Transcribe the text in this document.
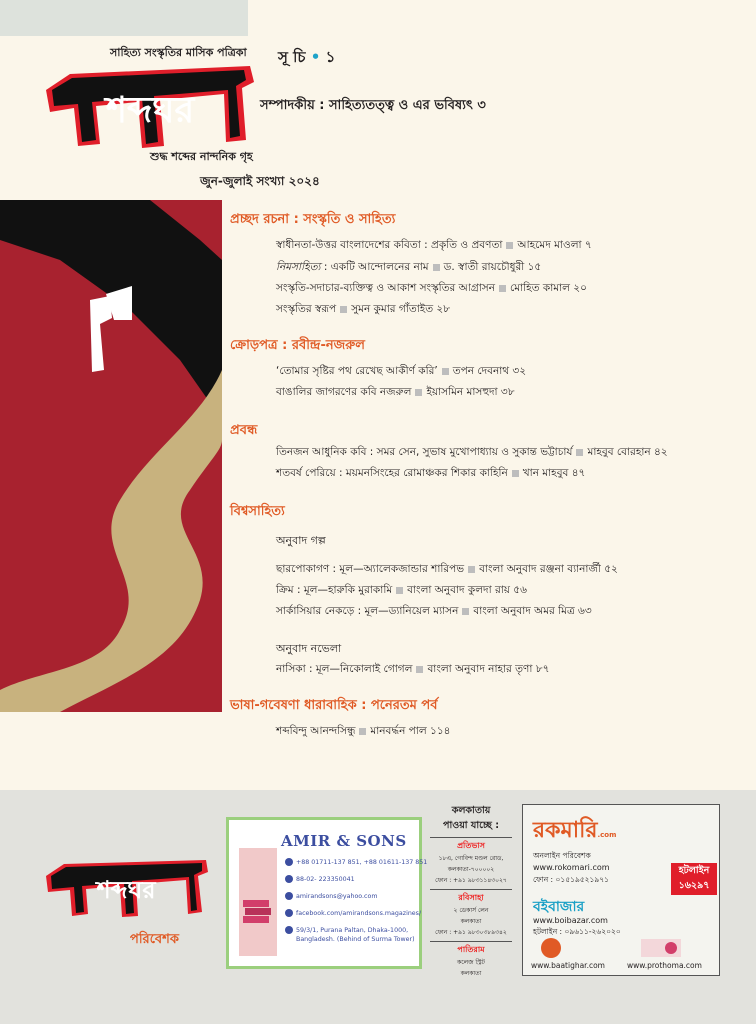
সাহিত্য সংস্কৃতির মাসিক পত্রিকা
শব্দঘর
শুদ্ধ শব্দের নান্দনিক গৃহ
জুন-জুলাই সংখ্যা ২০২৪
সূ চি • ১
সম্পাদকীয় : সাহিত্যতত্ত্ব ও এর ভবিষ্যৎ ৩
প্রচ্ছদ রচনা : সংস্কৃতি ও সাহিত্য
স্বাধীনতা-উত্তর বাংলাদেশের কবিতা : প্রকৃতি ও প্রবণতা আহমেদ মাওলা ৭
নিমসাহিত্য : একটি আন্দোলনের নাম ড. স্বাতী রায়চৌধুরী ১৫
সংস্কৃতি-সদাচার-ব্যক্তিত্ব ও আকাশ সংস্কৃতির আগ্রাসন মোহিত কামাল ২০
সংস্কৃতির স্বরূপ সুমন কুমার গাঁতাইত ২৮
ক্রোড়পত্র : রবীন্দ্র-নজরুল
‘তোমার সৃষ্টির পথ রেখেছ আকীর্ণ করি’ তপন দেবনাথ ৩২
বাঙালির জাগরণের কবি নজরুল ইয়াসমিন মাসহুদা ৩৮
প্রবন্ধ
তিনজন আধুনিক কবি : সমর সেন, সুভাষ মুখোপাধ্যায় ও সুকান্ত ভট্টাচার্য মাহবুব বোরহান ৪২
শতবর্ষ পেরিয়ে : ময়মনসিংহের রোমাঞ্চকর শিকার কাহিনি খান মাহবুব ৪৭
বিশ্বসাহিত্য
অনুবাদ গল্প
ছারপোকাগণ : মূল—অ্যালেকজান্ডার শারিপভ বাংলা অনুবাদ রঞ্জনা ব্যানার্জী ৫২
ক্রিম : মূল—হারুকি মুরাকামি বাংলা অনুবাদ কুলদা রায় ৫৬
সার্কাসিয়ার নেকড়ে : মূল—ড্যানিয়েল ম্যাসন বাংলা অনুবাদ অমর মিত্র ৬৩
অনুবাদ নভেলা
নাসিকা : মূল—নিকোলাই গোগল বাংলা অনুবাদ নাহার তৃণা ৮৭
ভাষা-গবেষণা ধারাবাহিক : পনেরতম পর্ব
শব্দবিন্দু আনন্দসিন্ধু মানবর্দ্ধন পাল ১১৪
শব্দঘর
পরিবেশক
AMIR & SONS
+88 01711-137 851, +88 01611-137 851
88-02- 223350041
amirandsons@yahoo.com
facebook.com/amirandsons.magazines/
59/3/1, Purana Paltan, Dhaka-1000,
Bangladesh. (Behind of Surma Tower)
কলকাতায়
পাওয়া যাচ্ছে :
প্রতিভাস
১৮এ, গোবিন্দ মণ্ডল রোড,
কলকাতা-৭০০০০২
ফোন : +৯১ ৯৮৩১১৪৩০২৭
রবিসাহা
২ ডেকার্স লেন
কলকাতা
ফোন : +৯১ ৯৮৩০৩৮৯৩৪২
পাতিরাম
কলেজ স্ট্রিট
কলকাতা
রকমারি.com
অনলাইন পরিবেশক
www.rokomari.com
ফোন : ০১৫১৯৫২১৯৭১
হটলাইন
১৬২৯৭
বইবাজার
www.boibazar.com
হটলাইন : ০৯৬১১-২৬২০২০
www.baatighar.com	www.prothoma.com
